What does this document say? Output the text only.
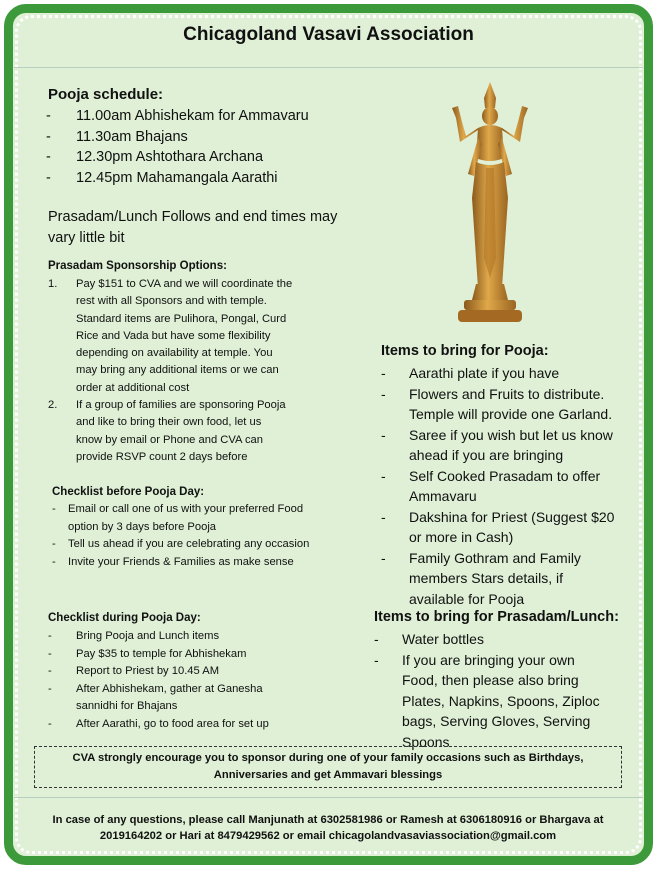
Chicagoland Vasavi Association
Pooja schedule:
- 11.00am Abhishekam for Ammavaru
- 11.30am Bhajans
- 12.30pm Ashtothara Archana
- 12.45pm Mahamangala Aarathi
Prasadam/Lunch Follows and end times may
vary little bit
Prasadam Sponsorship Options:
1. Pay $151 to CVA and we will coordinate the
rest with all Sponsors and with temple.
Standard items are Pulihora, Pongal, Curd
Rice and Vada but have some flexibility
depending on availability at temple. You
may bring any additional items or we can
order at additional cost
2. If a group of families are sponsoring Pooja
and like to bring their own food, let us
know by email or Phone and CVA can
provide RSVP count 2 days before
Checklist before Pooja Day:
- Email or call one of us with your preferred Food
option by 3 days before Pooja
- Tell us ahead if you are celebrating any occasion
- Invite your Friends & Families as make sense
Checklist during Pooja Day:
- Bring Pooja and Lunch items
- Pay $35 to temple for Abhishekam
- Report to Priest by 10.45 AM
- After Abhishekam, gather at Ganesha
sannidhi for Bhajans
- After Aarathi, go to food area for set up
Items to bring for Pooja:
- Aarathi plate if you have
- Flowers and Fruits to distribute.
Temple will provide one Garland.
- Saree if you wish but let us know
ahead if you are bringing
- Self Cooked Prasadam to offer
Ammavaru
- Dakshina for Priest (Suggest $20
or more in Cash)
- Family Gothram and Family
members Stars details, if
available for Pooja
Items to bring for Prasadam/Lunch:
- Water bottles
- If you are bringing your own
Food, then please also bring
Plates, Napkins, Spoons, Ziploc
bags, Serving Gloves, Serving
Spoons
CVA strongly encourage you to sponsor during one of your family occasions such as Birthdays,
Anniversaries and get Ammavari blessings
In case of any questions, please call Manjunath at 6302581986 or Ramesh at 6306180916 or Bhargava at
2019164202 or Hari at 8479429562 or email chicagolandvasaviassociation@gmail.com
